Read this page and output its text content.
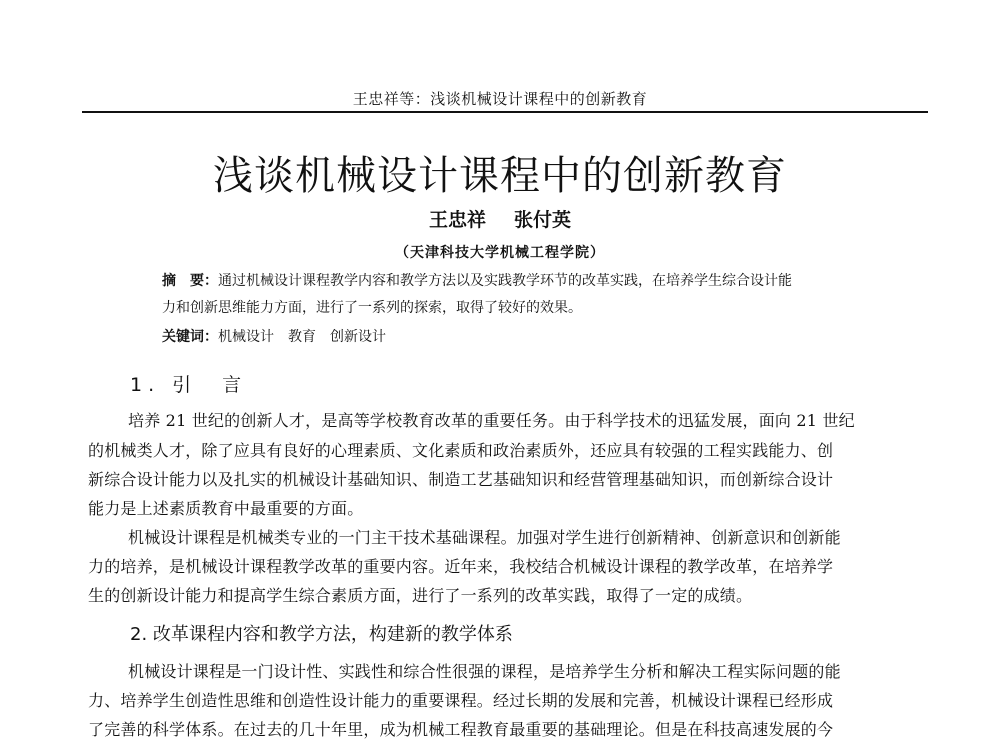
王忠祥等：浅谈机械设计课程中的创新教育
浅谈机械设计课程中的创新教育
王忠祥 张付英
（天津科技大学机械工程学院）
摘　要：通过机械设计课程教学内容和教学方法以及实践教学环节的改革实践，在培养学生综合设计能
力和创新思维能力方面，进行了一系列的探索，取得了较好的效果。
关键词：机械设计 教育 创新设计
1. 引　言
培养 21 世纪的创新人才，是高等学校教育改革的重要任务。由于科学技术的迅猛发展，面向 21 世纪
的机械类人才，除了应具有良好的心理素质、文化素质和政治素质外，还应具有较强的工程实践能力、创
新综合设计能力以及扎实的机械设计基础知识、制造工艺基础知识和经营管理基础知识，而创新综合设计
能力是上述素质教育中最重要的方面。
机械设计课程是机械类专业的一门主干技术基础课程。加强对学生进行创新精神、创新意识和创新能
力的培养，是机械设计课程教学改革的重要内容。近年来，我校结合机械设计课程的教学改革，在培养学
生的创新设计能力和提高学生综合素质方面，进行了一系列的改革实践，取得了一定的成绩。
2. 改革课程内容和教学方法，构建新的教学体系
机械设计课程是一门设计性、实践性和综合性很强的课程，是培养学生分析和解决工程实际问题的能
力、培养学生创造性思维和创造性设计能力的重要课程。经过长期的发展和完善，机械设计课程已经形成
了完善的科学体系。在过去的几十年里，成为机械工程教育最重要的基础理论。但是在科技高速发展的今
